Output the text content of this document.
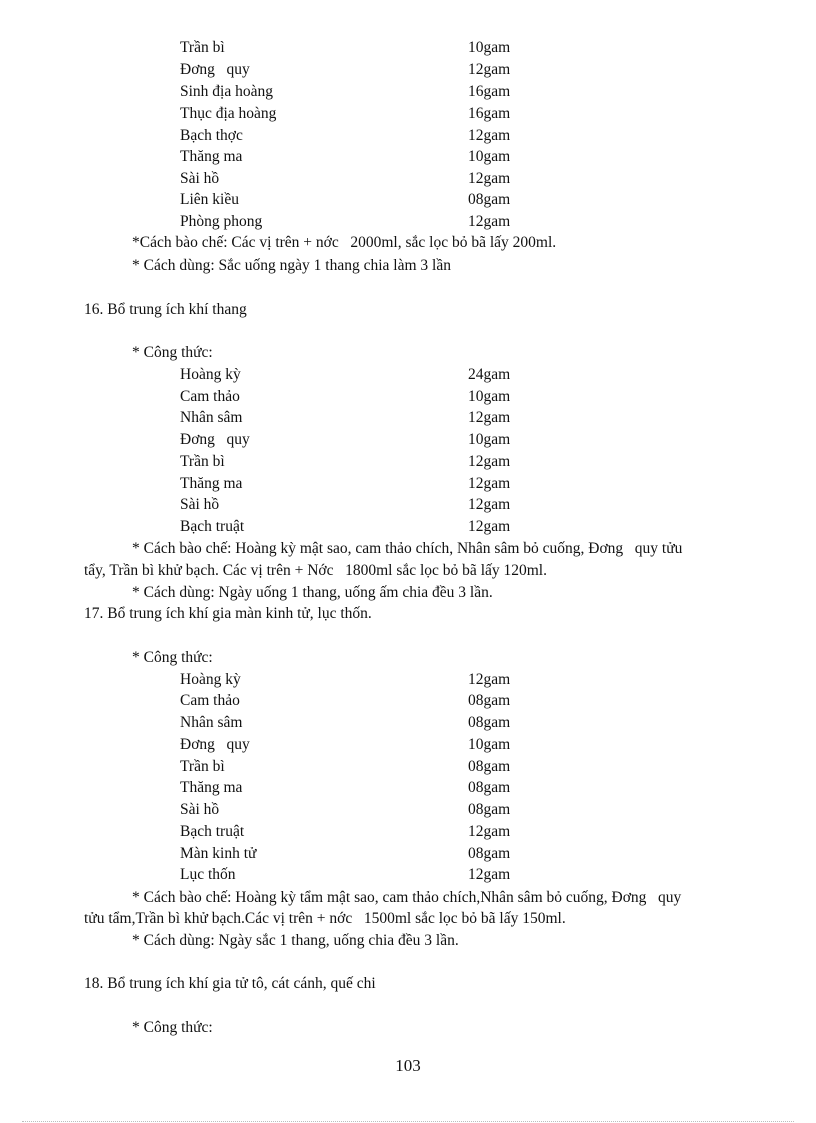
Trần bì	10gam
Đơng   quy	12gam
Sinh địa hoàng	16gam
Thục địa hoàng	16gam
Bạch thợc	12gam
Thăng ma	10gam
Sài hồ	12gam
Liên kiều	08gam
Phòng phong	12gam
*Cách bào chế: Các vị trên + nớc   2000ml, sắc lọc bỏ bã lấy 200ml.
* Cách dùng: Sắc uống ngày 1 thang chia làm 3 lần
16. Bổ trung ích khí thang
* Công thức:
Hoàng kỳ	24gam
Cam thảo	10gam
Nhân sâm	12gam
Đơng   quy	10gam
Trần bì	12gam
Thăng ma	12gam
Sài hồ	12gam
Bạch truật	12gam
* Cách bào chế: Hoàng kỳ mật sao, cam thảo chích, Nhân sâm bỏ cuống, Đơng   quy tửu
tẩy, Trần bì khử bạch. Các vị trên + Nớc   1800ml sắc lọc bỏ bã lấy 120ml.
* Cách dùng: Ngày uống 1 thang, uống ấm chia đều 3 lần.
17. Bổ trung ích khí gia màn kinh tử, lục thốn.
* Công thức:
Hoàng kỳ	12gam
Cam thảo	08gam
Nhân sâm	08gam
Đơng   quy	10gam
Trần bì	08gam
Thăng ma	08gam
Sài hồ	08gam
Bạch truật	12gam
Màn kinh tử	08gam
Lục thốn	12gam
* Cách bào chế: Hoàng kỳ tẩm mật sao, cam thảo chích,Nhân sâm bỏ cuống, Đơng   quy
tửu tẩm,Trần bì khử bạch.Các vị trên + nớc   1500ml sắc lọc bỏ bã lấy 150ml.
* Cách dùng: Ngày sắc 1 thang, uống chia đều 3 lần.
18. Bổ trung ích khí gia tử tô, cát cánh, quế chi
* Công thức:
103
